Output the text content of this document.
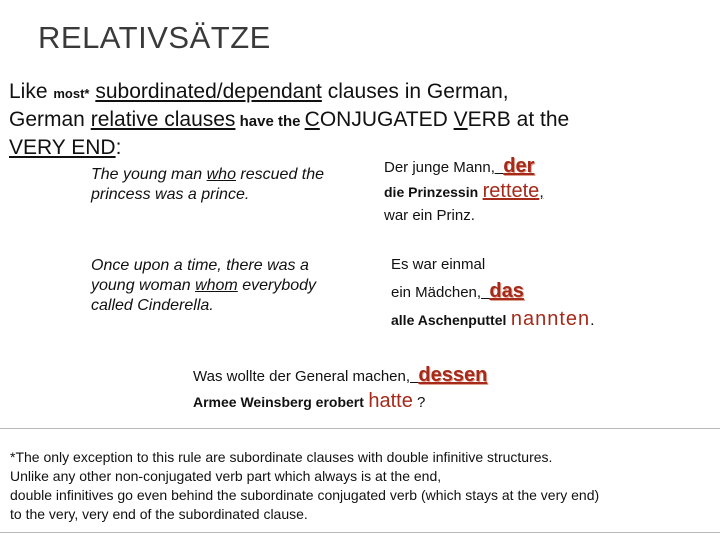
RELATIVSÄTZE
Like most* subordinated/dependant clauses in German,
German relative clauses have the CONJUGATED VERB at the
VERY END:
The young man who rescued the princess was a prince.
Der junge Mann, der
die Prinzessin rettete,
war ein Prinz.
Once upon a time, there was a young woman whom everybody called Cinderella.
Es war einmal
ein Mädchen, das
alle Aschenputtel nannten.
Was wollte der General machen, dessen
Armee Weinsberg erobert hatte ?
*The only exception to this rule are subordinate clauses with double infinitive structures.
Unlike any other non-conjugated verb part which always is at the end,
double infinitives go even behind the subordinate conjugated verb (which stays at the very end)
to the very, very end of the subordinated clause.
